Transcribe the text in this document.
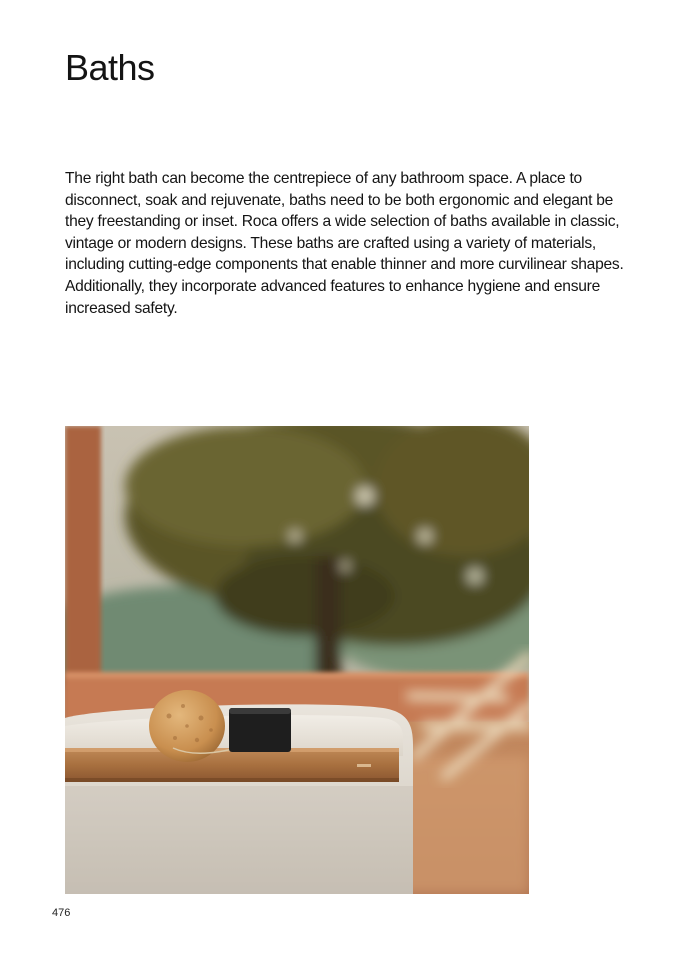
Baths

The right bath can become the centrepiece of any bathroom space. A place to disconnect, soak and rejuvenate, baths need to be both ergonomic and elegant be they freestanding or inset. Roca offers a wide selection of baths available in classic, vintage or modern designs. These baths are crafted using a variety of materials, including cutting-edge components that enable thinner and more curvilinear shapes. Additionally, they incorporate advanced features to enhance hygiene and ensure increased safety.

476
